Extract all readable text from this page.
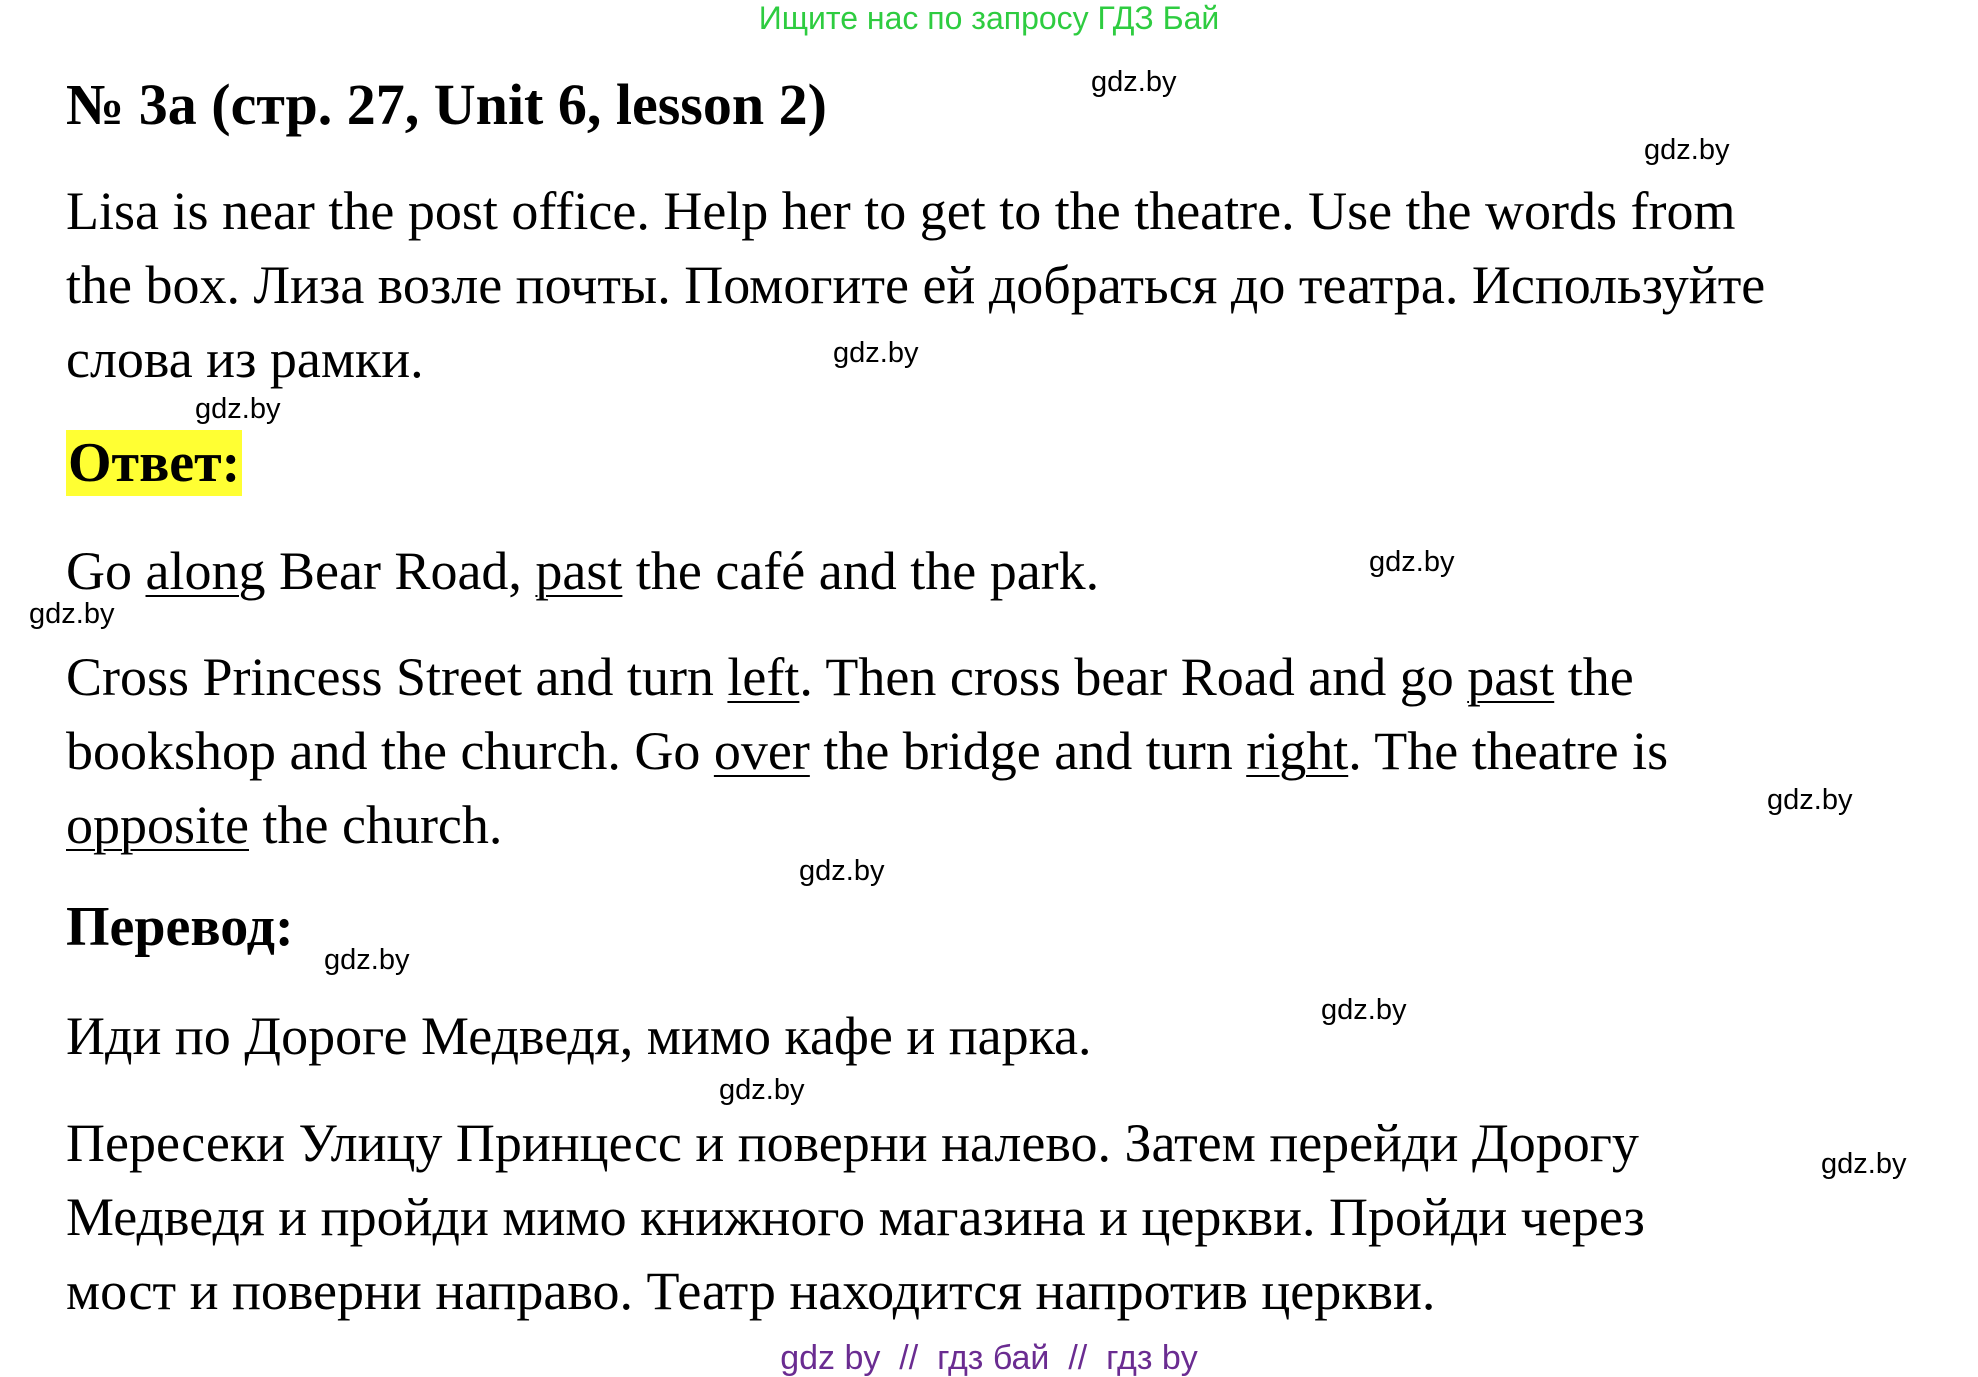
Ищите нас по запросу ГДЗ Бай
№ 3a (стр. 27, Unit 6, lesson 2)
Lisa is near the post office. Help her to get to the theatre. Use the words from
the box. Лиза возле почты. Помогите ей добраться до театра. Используйте
слова из рамки.
Ответ:
Go along Bear Road, past the café and the park.
Cross Princess Street and turn left. Then cross bear Road and go past the
bookshop and the church. Go over the bridge and turn right. The theatre is
opposite the church.
Перевод:
Иди по Дороге Медведя, мимо кафе и парка.
Пересеки Улицу Принцесс и поверни налево. Затем перейди Дорогу
Медведя и пройди мимо книжного магазина и церкви. Пройди через
мост и поверни направо. Театр находится напротив церкви.
gdz.by
gdz.by
gdz.by
gdz.by
gdz.by
gdz.by
gdz.by
gdz.by
gdz.by
gdz.by
gdz.by
gdz.by
gdz by  //  гдз бай  //  гдз by
